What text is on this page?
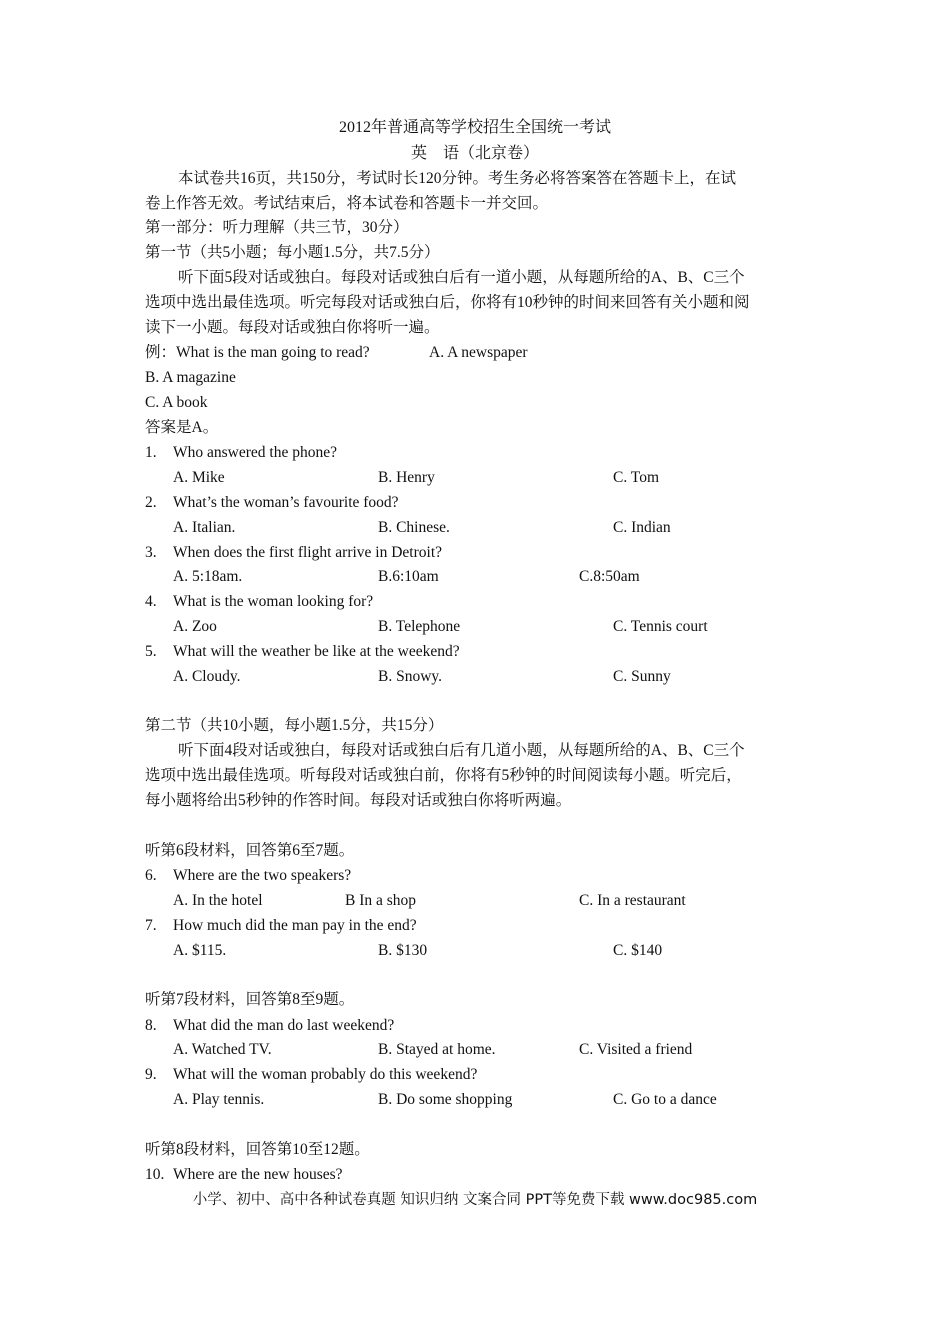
2012年普通高等学校招生全国统一考试
英　语（北京卷）
本试卷共16页，共150分，考试时长120分钟。考生务必将答案答在答题卡上，在试
卷上作答无效。考试结束后，将本试卷和答题卡一并交回。
第一部分：听力理解（共三节，30分）
第一节（共5小题；每小题1.5分，共7.5分）
听下面5段对话或独白。每段对话或独白后有一道小题，从每题所给的A、B、C三个
选项中选出最佳选项。听完每段对话或独白后，你将有10秒钟的时间来回答有关小题和阅
读下一小题。每段对话或独白你将听一遍。
例：What is the man going to read?	A. A newspaper
B. A magazine
C. A book
答案是A。
1.	Who answered the phone?
A. Mike	B. Henry	C. Tom
2.	What’s the woman’s favourite food?
A. Italian.	B. Chinese.	C. Indian
3.	When does the first flight arrive in Detroit?
A. 5:18am.	B.6:10am	C.8:50am
4.	What is the woman looking for?
A. Zoo	B. Telephone	C. Tennis court
5.	What will the weather be like at the weekend?
A. Cloudy.	B. Snowy.	C. Sunny
第二节（共10小题，每小题1.5分，共15分）
听下面4段对话或独白，每段对话或独白后有几道小题，从每题所给的A、B、C三个
选项中选出最佳选项。听每段对话或独白前，你将有5秒钟的时间阅读每小题。听完后，
每小题将给出5秒钟的作答时间。每段对话或独白你将听两遍。
听第6段材料，回答第6至7题。
6.	Where are the two speakers?
A. In the hotel	B In a shop	C. In a restaurant
7.	How much did the man pay in the end?
A. $115.	B. $130	C. $140
听第7段材料，回答第8至9题。
8.	What did the man do last weekend?
A. Watched TV.	B. Stayed at home.	C. Visited a friend
9.	What will the woman probably do this weekend?
A. Play tennis.	B. Do some shopping	C. Go to a dance
听第8段材料，回答第10至12题。
10. Where are the new houses?
小学、初中、高中各种试卷真题 知识归纳 文案合同 PPT等免费下载 www.doc985.com
